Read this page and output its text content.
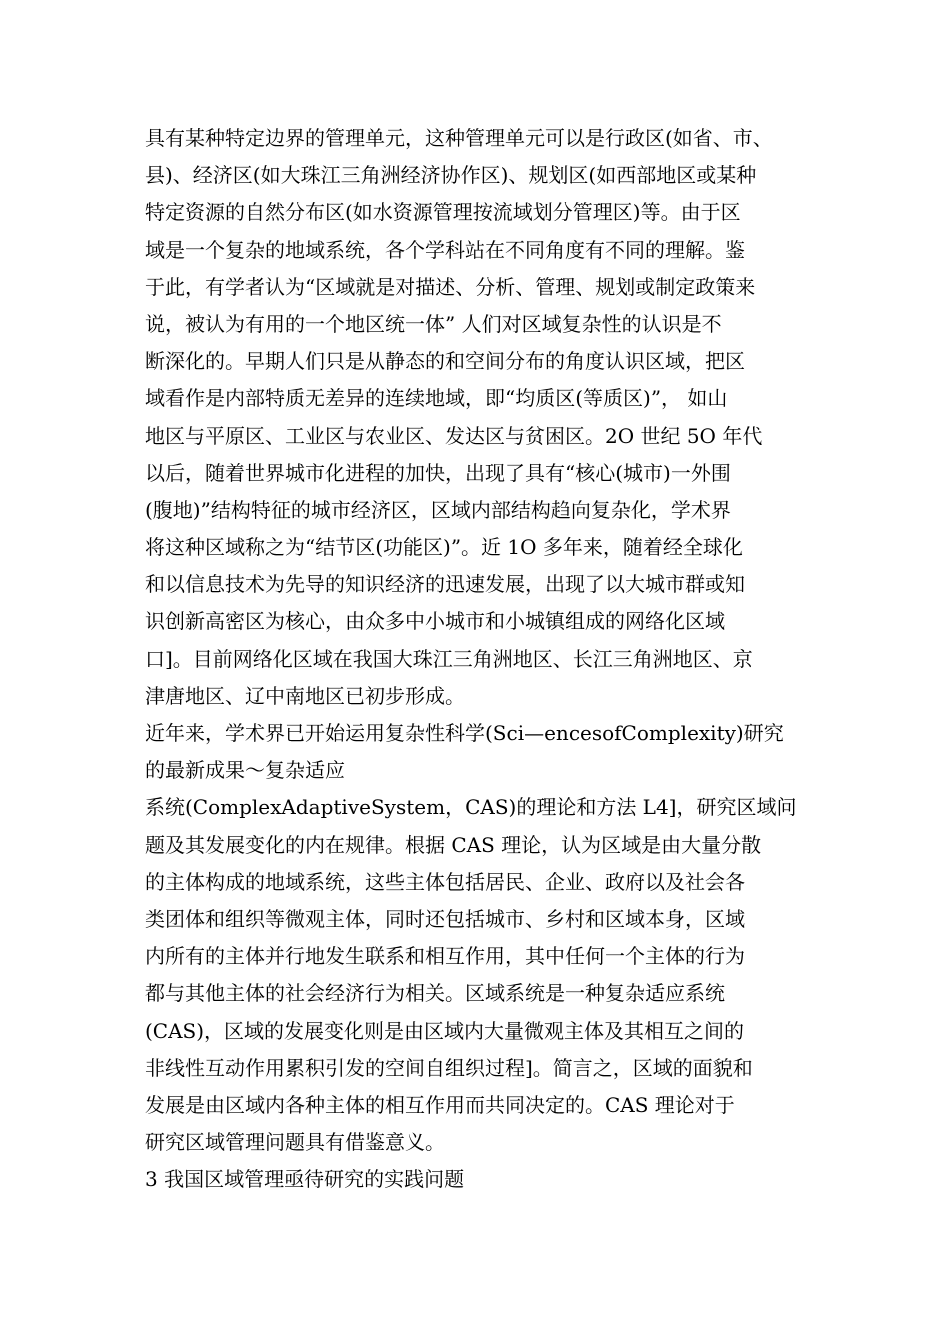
具有某种特定边界的管理单元，这种管理单元可以是行政区(如省、市、
县)、经济区(如大珠江三角洲经济协作区)、规划区(如西部地区或某种
特定资源的自然分布区(如水资源管理按流域划分管理区)等。由于区
域是一个复杂的地域系统，各个学科站在不同角度有不同的理解。鉴
于此，有学者认为“区域就是对描述、分析、管理、规划或制定政策来
说，被认为有用的一个地区统一体” 人们对区域复杂性的认识是不
断深化的。早期人们只是从静态的和空间分布的角度认识区域，把区
域看作是内部特质无差异的连续地域，即“均质区(等质区)”， 如山
地区与平原区、工业区与农业区、发达区与贫困区。2O 世纪 5O 年代
以后，随着世界城市化进程的加快，出现了具有“核心(城市)一外围
(腹地)”结构特征的城市经济区，区域内部结构趋向复杂化，学术界
将这种区域称之为“结节区(功能区)”。近 1O 多年来，随着经全球化
和以信息技术为先导的知识经济的迅速发展，出现了以大城市群或知
识创新高密区为核心，由众多中小城市和小城镇组成的网络化区域
口]。目前网络化区域在我国大珠江三角洲地区、长江三角洲地区、京
津唐地区、辽中南地区已初步形成。
近年来，学术界已开始运用复杂性科学(Sci—encesofComplexity)研究
的最新成果～复杂适应
系统(ComplexAdaptiveSystem，CAS)的理论和方法 L4]，研究区域问
题及其发展变化的内在规律。根据 CAS 理论，认为区域是由大量分散
的主体构成的地域系统，这些主体包括居民、企业、政府以及社会各
类团体和组织等微观主体，同时还包括城市、乡村和区域本身，区域
内所有的主体并行地发生联系和相互作用，其中任何一个主体的行为
都与其他主体的社会经济行为相关。区域系统是一种复杂适应系统
(CAS)，区域的发展变化则是由区域内大量微观主体及其相互之间的
非线性互动作用累积引发的空间自组织过程]。简言之，区域的面貌和
发展是由区域内各种主体的相互作用而共同决定的。CAS 理论对于
研究区域管理问题具有借鉴意义。
3 我国区域管理亟待研究的实践问题
